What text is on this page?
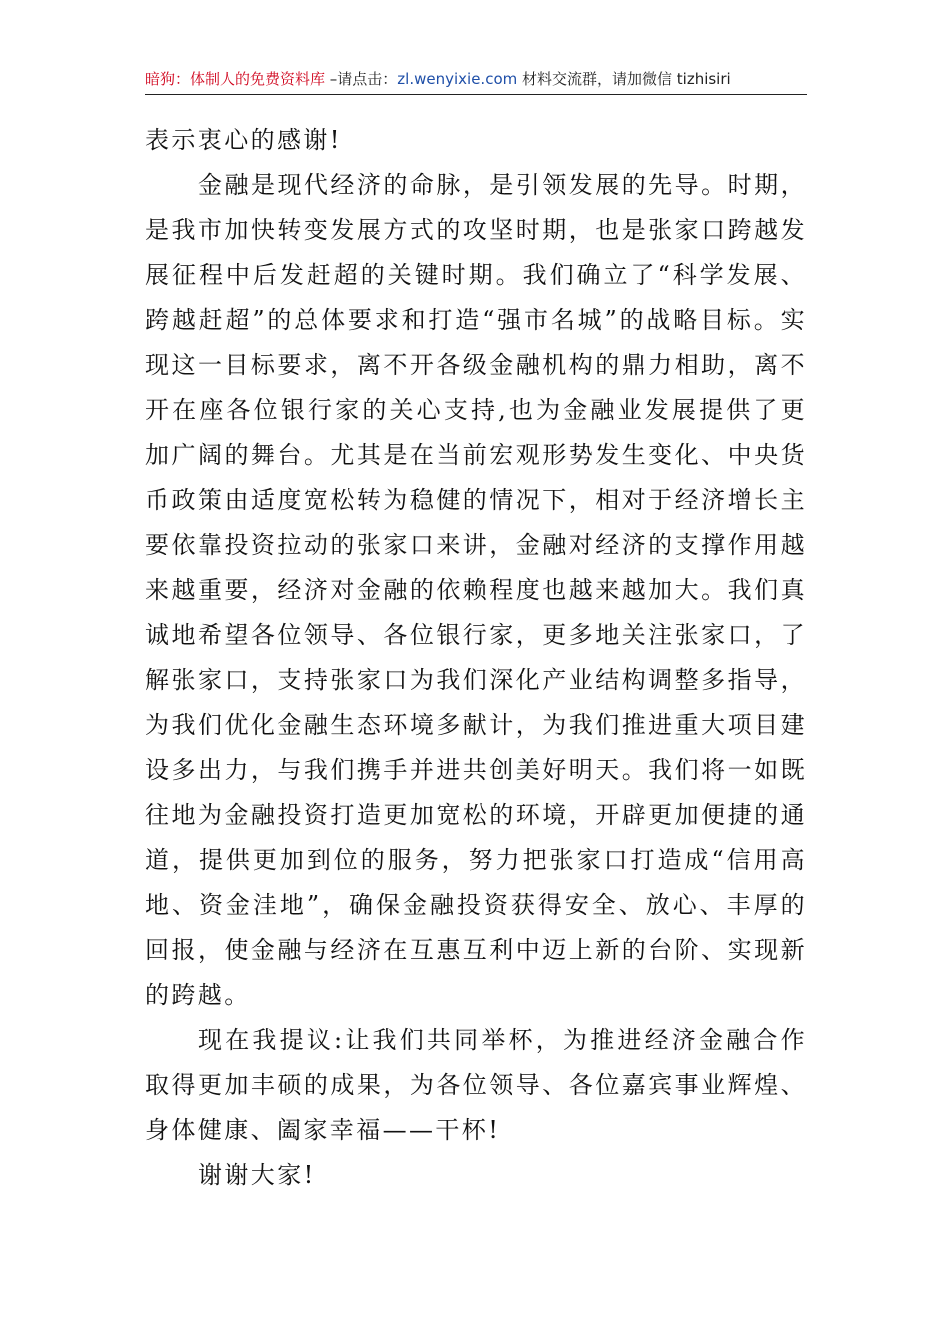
暗狗：体制人的免费资料库 –请点击：zl.wenyixie.com 材料交流群，请加微信 tizhisiri

表示衷心的感谢!

金融是现代经济的命脉，是引领发展的先导。时期，是我市加快转变发展方式的攻坚时期，也是张家口跨越发展征程中后发赶超的关键时期。我们确立了“科学发展、跨越赶超”的总体要求和打造“强市名城”的战略目标。实现这一目标要求，离不开各级金融机构的鼎力相助，离不开在座各位银行家的关心支持,也为金融业发展提供了更加广阔的舞台。尤其是在当前宏观形势发生变化、中央货币政策由适度宽松转为稳健的情况下，相对于经济增长主要依靠投资拉动的张家口来讲，金融对经济的支撑作用越来越重要，经济对金融的依赖程度也越来越加大。我们真诚地希望各位领导、各位银行家，更多地关注张家口，了解张家口，支持张家口为我们深化产业结构调整多指导，为我们优化金融生态环境多献计，为我们推进重大项目建设多出力，与我们携手并进共创美好明天。我们将一如既往地为金融投资打造更加宽松的环境，开辟更加便捷的通道，提供更加到位的服务，努力把张家口打造成“信用高地、资金洼地”，确保金融投资获得安全、放心、丰厚的回报，使金融与经济在互惠互利中迈上新的台阶、实现新的跨越。

现在我提议:让我们共同举杯，为推进经济金融合作取得更加丰硕的成果，为各位领导、各位嘉宾事业辉煌、身体健康、阖家幸福——干杯!

谢谢大家!
